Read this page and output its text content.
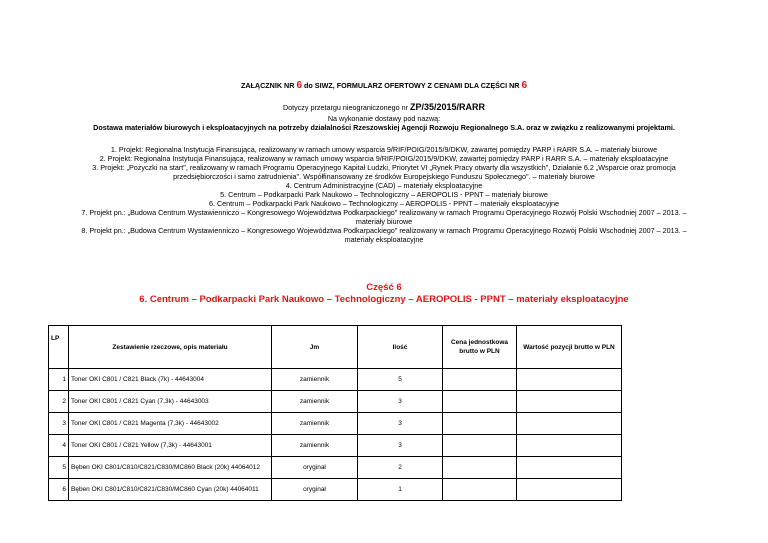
ZAŁĄCZNIK NR 6 do SIWZ, FORMULARZ OFERTOWY Z CENAMI DLA CZĘŚCI NR 6
Dotyczy przetargu nieograniczonego nr ZP/35/2015/RARR
Na wykonanie dostawy pod nazwą:
Dostawa materiałów biurowych i eksploatacyjnych na potrzeby działalności Rzeszowskiej Agencji Rozwoju Regionalnego S.A. oraz w związku z realizowanymi projektami.
1. Projekt: Regionalna Instytucja Finansująca, realizowany w ramach umowy wsparcia 9/RIF/POIG/2015/9/DKW, zawartej pomiędzy PARP i RARR S.A. – materiały biurowe
2. Projekt: Regionalna Instytucja Finansująca, realizowany w ramach umowy wsparcia 9/RIF/POIG/2015/9/DKW, zawartej pomiędzy PARP i RARR S.A. – materiały eksploatacyjne
3. Projekt: „Pożyczki na start", realizowany w ramach Programu Operacyjnego Kapitał Ludzki, Priorytet VI „Rynek Pracy otwarty dla wszystkich", Działanie 6.2 „Wsparcie oraz promocja
przedsiębiorczości i samo zatrudnienia". Współfinansowany ze środków Europejskiego Funduszu Społecznego". – materiały biurowe
4. Centrum Administracyjne (CAD) – materiały eksploatacyjne
5. Centrum – Podkarpacki Park Naukowo – Technologiczny – AEROPOLIS - PPNT – materiały biurowe
6. Centrum – Podkarpacki Park Naukowo – Technologiczny – AEROPOLIS - PPNT – materiały eksploatacyjne
7. Projekt pn.: „Budowa Centrum Wystawienniczo – Kongresowego Województwa Podkarpackiego" realizowany w ramach Programu Operacyjnego Rozwój Polski Wschodniej 2007 – 2013. –
materiały biurowe
8. Projekt pn.: „Budowa Centrum Wystawienniczo – Kongresowego Województwa Podkarpackiego" realizowany w ramach Programu Operacyjnego Rozwój Polski Wschodniej 2007 – 2013. –
materiały eksploatacyjne
Część 6
6. Centrum – Podkarpacki Park Naukowo – Technologiczny – AEROPOLIS - PPNT – materiały eksploatacyjne
LP	Zestawienie rzeczowe, opis materiału	Jm	Ilość	Cena jednostkowa brutto w PLN	Wartość pozycji brutto w PLN
1	Toner OKI C801 / C821 Black (7k) - 44643004	zamiennik	5		
2	Toner OKI C801 / C821 Cyan (7,3k) - 44643003	zamiennik	3		
3	Toner OKI C801 / C821 Magenta (7,3k) - 44643002	zamiennik	3		
4	Toner OKI C801 / C821 Yellow (7,3k) - 44643001	zamiennik	3		
5	Bęben OKI C801/C810/C821/C830/MC860 Black (20k) 44064012	oryginał	2		
6	Bęben OKI C801/C810/C821/C830/MC860 Cyan (20k) 44064011	oryginał	1		
